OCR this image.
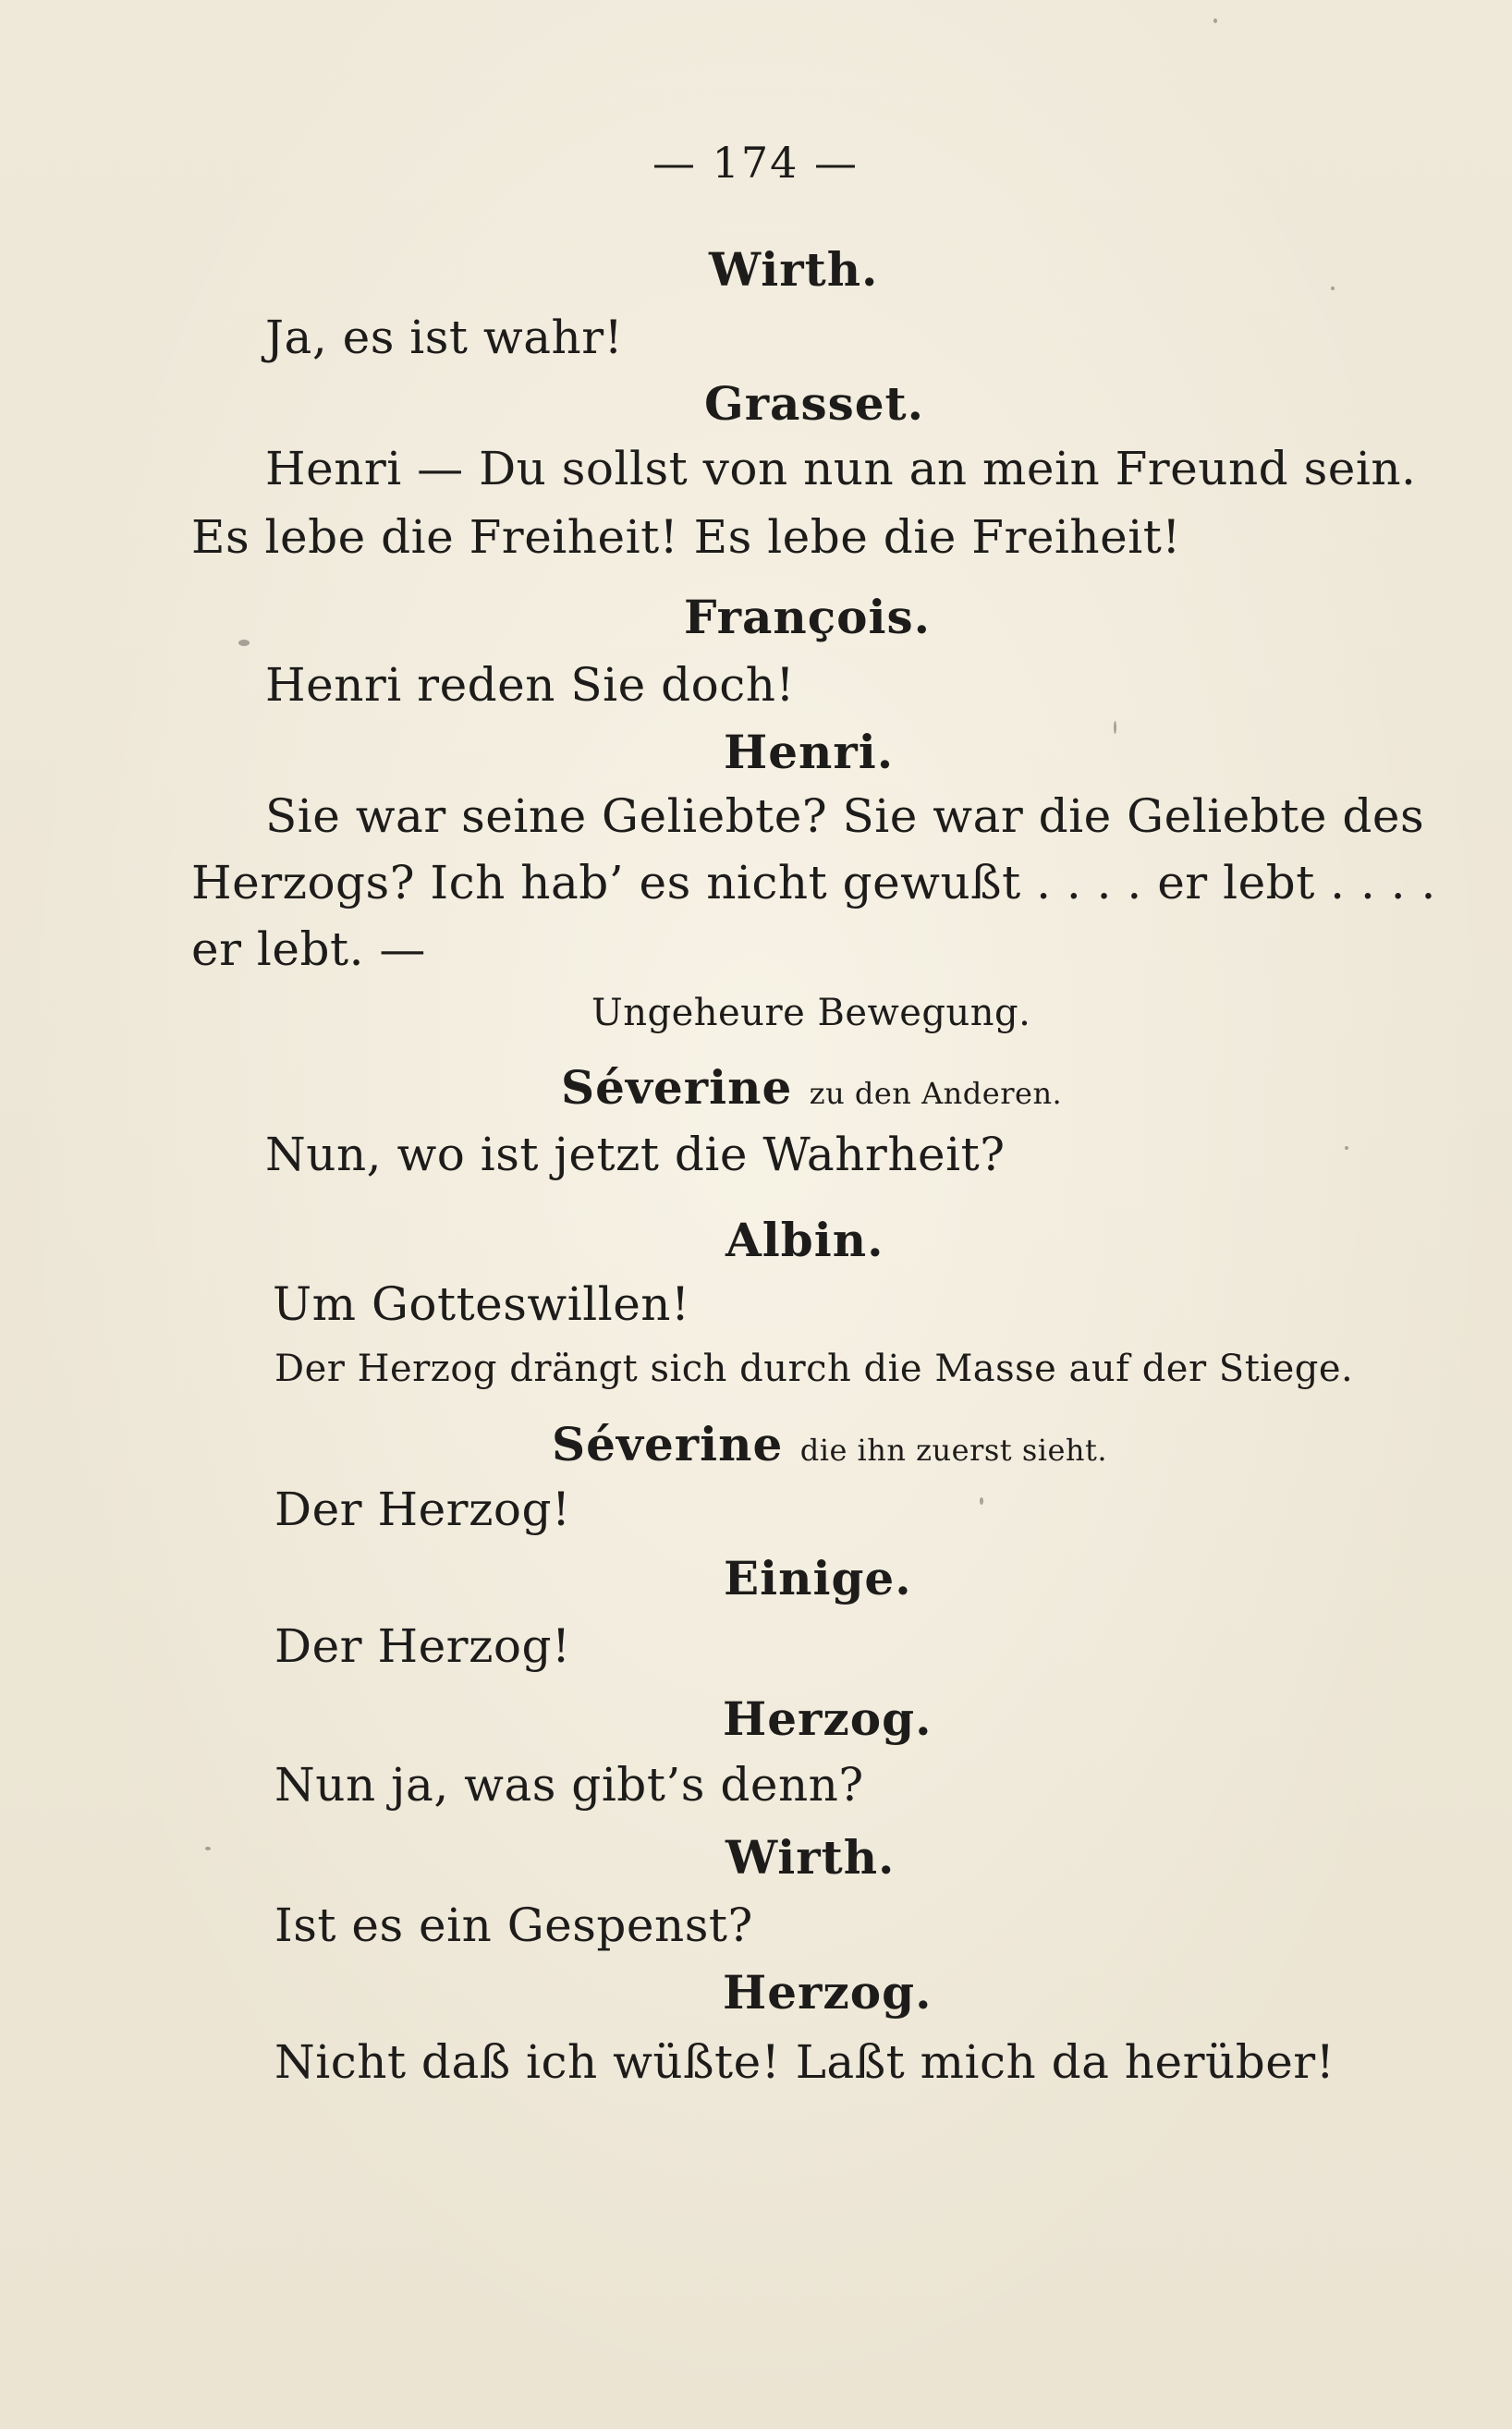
— 174 —
Wirth.
Ja, es ist wahr!
Grasset.
Henri — Du sollst von nun an mein Freund sein.
Es lebe die Freiheit! Es lebe die Freiheit!
François.
Henri reden Sie doch!
Henri.
Sie war seine Geliebte? Sie war die Geliebte des
Herzogs? Ich hab’ es nicht gewußt . . . . er lebt . . . .
er lebt. —
Ungeheure Bewegung.
Séverine zu den Anderen.
Nun, wo ist jetzt die Wahrheit?
Albin.
Um Gotteswillen!
Der Herzog drängt sich durch die Masse auf der Stiege.
Séverine die ihn zuerst sieht.
Der Herzog!
Einige.
Der Herzog!
Herzog.
Nun ja, was gibt’s denn?
Wirth.
Ist es ein Gespenst?
Herzog.
Nicht daß ich wüßte! Laßt mich da herüber!
